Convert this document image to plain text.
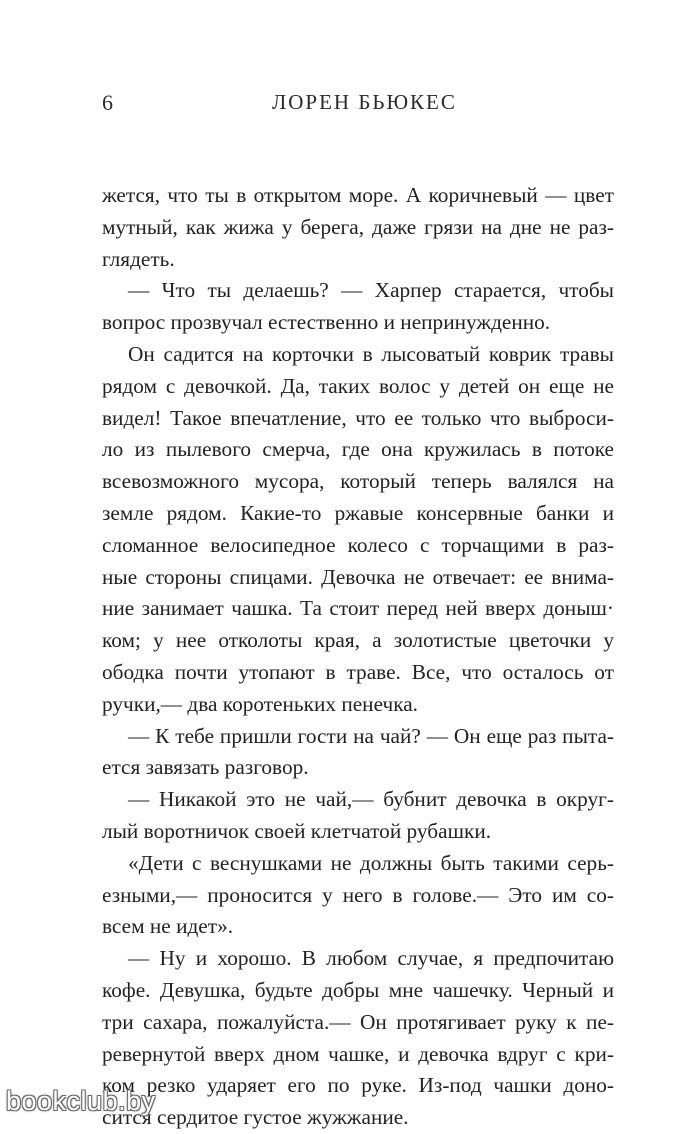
6	ЛОРЕН БЬЮКЕС
жется, что ты в открытом море. А коричневый — цвет
мутный, как жижа у берега, даже грязи на дне не раз-
глядеть.
— Что ты делаешь? — Харпер старается, чтобы
вопрос прозвучал естественно и непринужденно.
Он садится на корточки в лысоватый коврик травы
рядом с девочкой. Да, таких волос у детей он еще не
видел! Такое впечатление, что ее только что выброси-
ло из пылевого смерча, где она кружилась в потоке
всевозможного мусора, который теперь валялся на
земле рядом. Какие-то ржавые консервные банки и
сломанное велосипедное колесо с торчащими в раз-
ные стороны спицами. Девочка не отвечает: ее внима-
ние занимает чашка. Та стоит перед ней вверх доныш·
ком; у нее отколоты края, а золотистые цветочки у
ободка почти утопают в траве. Все, что осталось от
ручки,— два коротеньких пенечка.
— К тебе пришли гости на чай? — Он еще раз пыта-
ется завязать разговор.
— Никакой это не чай,— бубнит девочка в округ-
лый воротничок своей клетчатой рубашки.
«Дети с веснушками не должны быть такими серь-
езными,— проносится у него в голове.— Это им со-
всем не идет».
— Ну и хорошо. В любом случае, я предпочитаю
кофе. Девушка, будьте добры мне чашечку. Черный и
три сахара, пожалуйста.— Он протягивает руку к пе-
ревернутой вверх дном чашке, и девочка вдруг с кри-
ком резко ударяет его по руке. Из-под чашки доно-
сится сердитое густое жужжание.
bookclub.by
